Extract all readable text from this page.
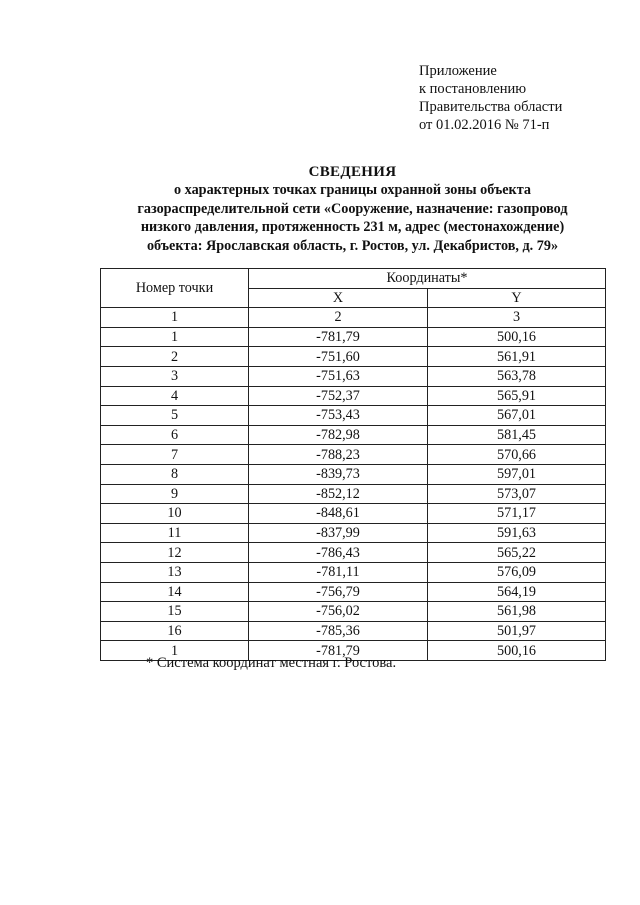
Приложение
к постановлению
Правительства области
от 01.02.2016 № 71-п
СВЕДЕНИЯ
о характерных точках границы охранной зоны объекта
газораспределительной сети «Сооружение, назначение: газопровод
низкого давления, протяженность 231 м, адрес (местонахождение)
объекта: Ярославская область, г. Ростов, ул. Декабристов, д. 79»
Номер точки	Координаты*	
	X	Y
1	2	3
1	-781,79	500,16
2	-751,60	561,91
3	-751,63	563,78
4	-752,37	565,91
5	-753,43	567,01
6	-782,98	581,45
7	-788,23	570,66
8	-839,73	597,01
9	-852,12	573,07
10	-848,61	571,17
11	-837,99	591,63
12	-786,43	565,22
13	-781,11	576,09
14	-756,79	564,19
15	-756,02	561,98
16	-785,36	501,97
1	-781,79	500,16
* Система координат местная г. Ростова.
